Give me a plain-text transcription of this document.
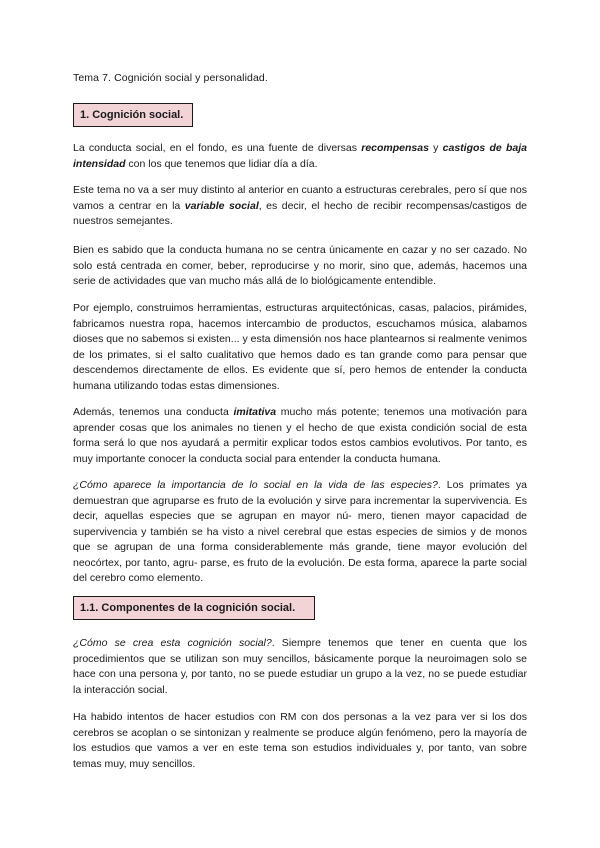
Tema 7. Cognición social y personalidad.
1. Cognición social.

La conducta social, en el fondo, es una fuente de diversas recompensas y castigos de baja intensidad con los que tenemos que lidiar día a día.

Este tema no va a ser muy distinto al anterior en cuanto a estructuras cerebrales, pero sí que nos vamos a centrar en la variable social, es decir, el hecho de recibir recompensas/castigos de nuestros semejantes.

Bien es sabido que la conducta humana no se centra únicamente en cazar y no ser cazado. No solo está centrada en comer, beber, reproducirse y no morir, sino que, además, hacemos una serie de actividades que van mucho más allá de lo biológicamente entendible.

Por ejemplo, construimos herramientas, estructuras arquitectónicas, casas, palacios, pirámides, fabricamos nuestra ropa, hacemos intercambio de productos, escuchamos música, alabamos dioses que no sabemos si existen... y esta dimensión nos hace plantearnos si realmente venimos de los primates, si el salto cualitativo que hemos dado es tan grande como para pensar que descendemos directamente de ellos. Es evidente que sí, pero hemos de entender la conducta humana utilizando todas estas dimensiones.

Además, tenemos una conducta imitativa mucho más potente; tenemos una motivación para aprender cosas que los animales no tienen y el hecho de que exista condición social de esta forma será lo que nos ayudará a permitir explicar todos estos cambios evolutivos. Por tanto, es muy importante conocer la conducta social para entender la conducta humana.

¿Cómo aparece la importancia de lo social en la vida de las especies?. Los primates ya demuestran que agruparse es fruto de la evolución y sirve para incrementar la supervivencia. Es decir, aquellas especies que se agrupan en mayor nú- mero, tienen mayor capacidad de supervivencia y también se ha visto a nivel cerebral que estas especies de simios y de monos que se agrupan de una forma considerablemente más grande, tiene mayor evolución del neocórtex, por tanto, agru- parse, es fruto de la evolución. De esta forma, aparece la parte social del cerebro como elemento.

1.1. Componentes de la cognición social.

¿Cómo se crea esta cognición social?. Siempre tenemos que tener en cuenta que los procedimientos que se utilizan son muy sencillos, básicamente porque la neuroimagen solo se hace con una persona y, por tanto, no se puede estudiar un grupo a la vez, no se puede estudiar la interacción social.

Ha habido intentos de hacer estudios con RM con dos personas a la vez para ver si los dos cerebros se acoplan o se sintonizan y realmente se produce algún fenómeno, pero la mayoría de los estudios que vamos a ver en este tema son estudios individuales y, por tanto, van sobre temas muy, muy sencillos.
